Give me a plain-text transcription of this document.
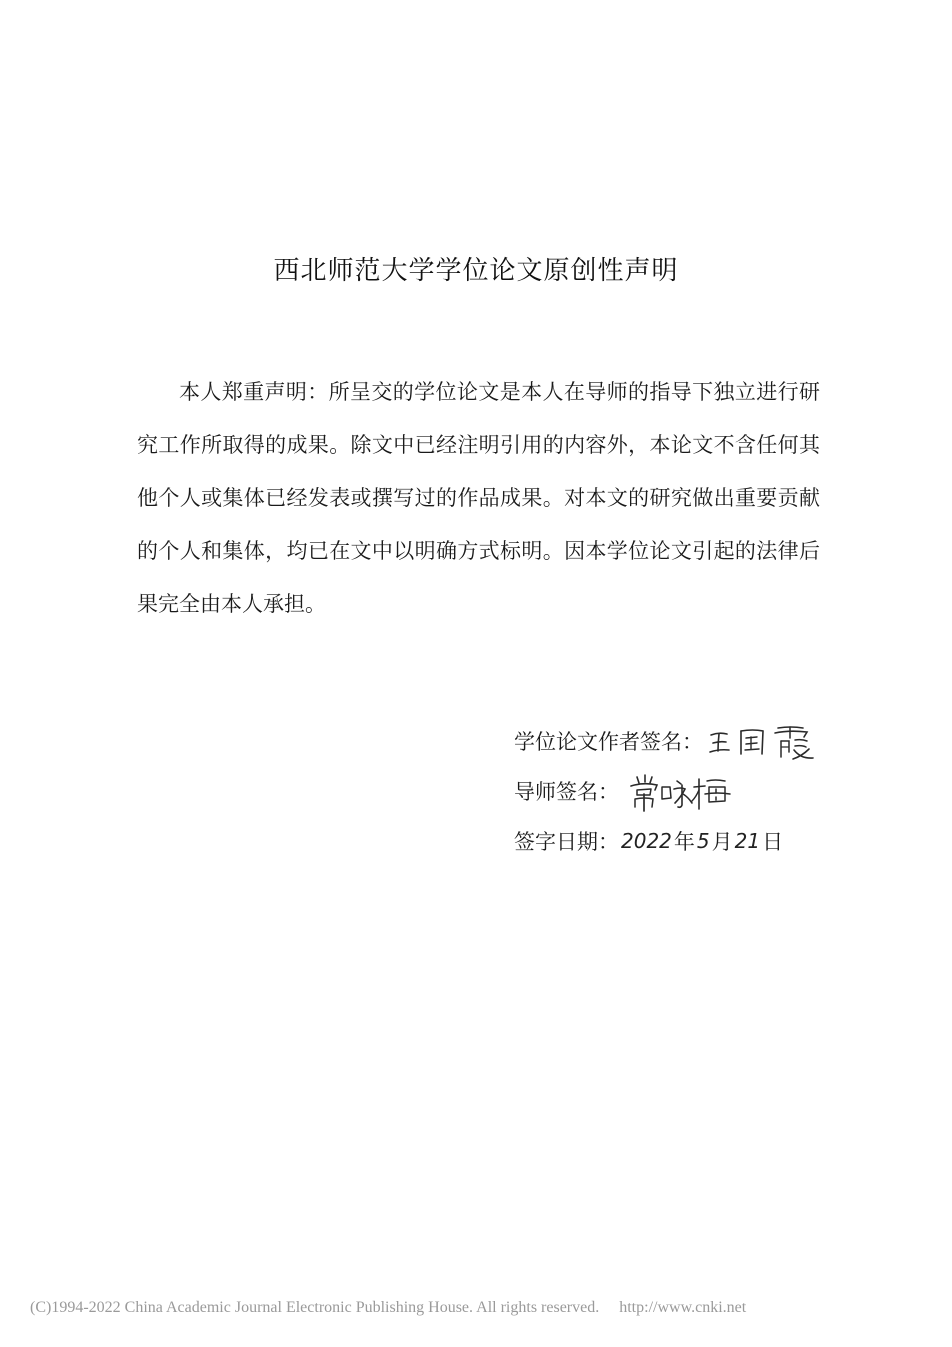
西北师范大学学位论文原创性声明
本人郑重声明：所呈交的学位论文是本人在导师的指导下独立进行研究工作所取得的成果。除文中已经注明引用的内容外，本论文不含任何其他个人或集体已经发表或撰写过的作品成果。对本文的研究做出重要贡献的个人和集体，均已在文中以明确方式标明。因本学位论文引起的法律后果完全由本人承担。
学位论文作者签名：
导师签名：
签字日期： 2022 年 5 月 21 日
(C)1994-2022 China Academic Journal Electronic Publishing House. All rights reserved. http://www.cnki.net
